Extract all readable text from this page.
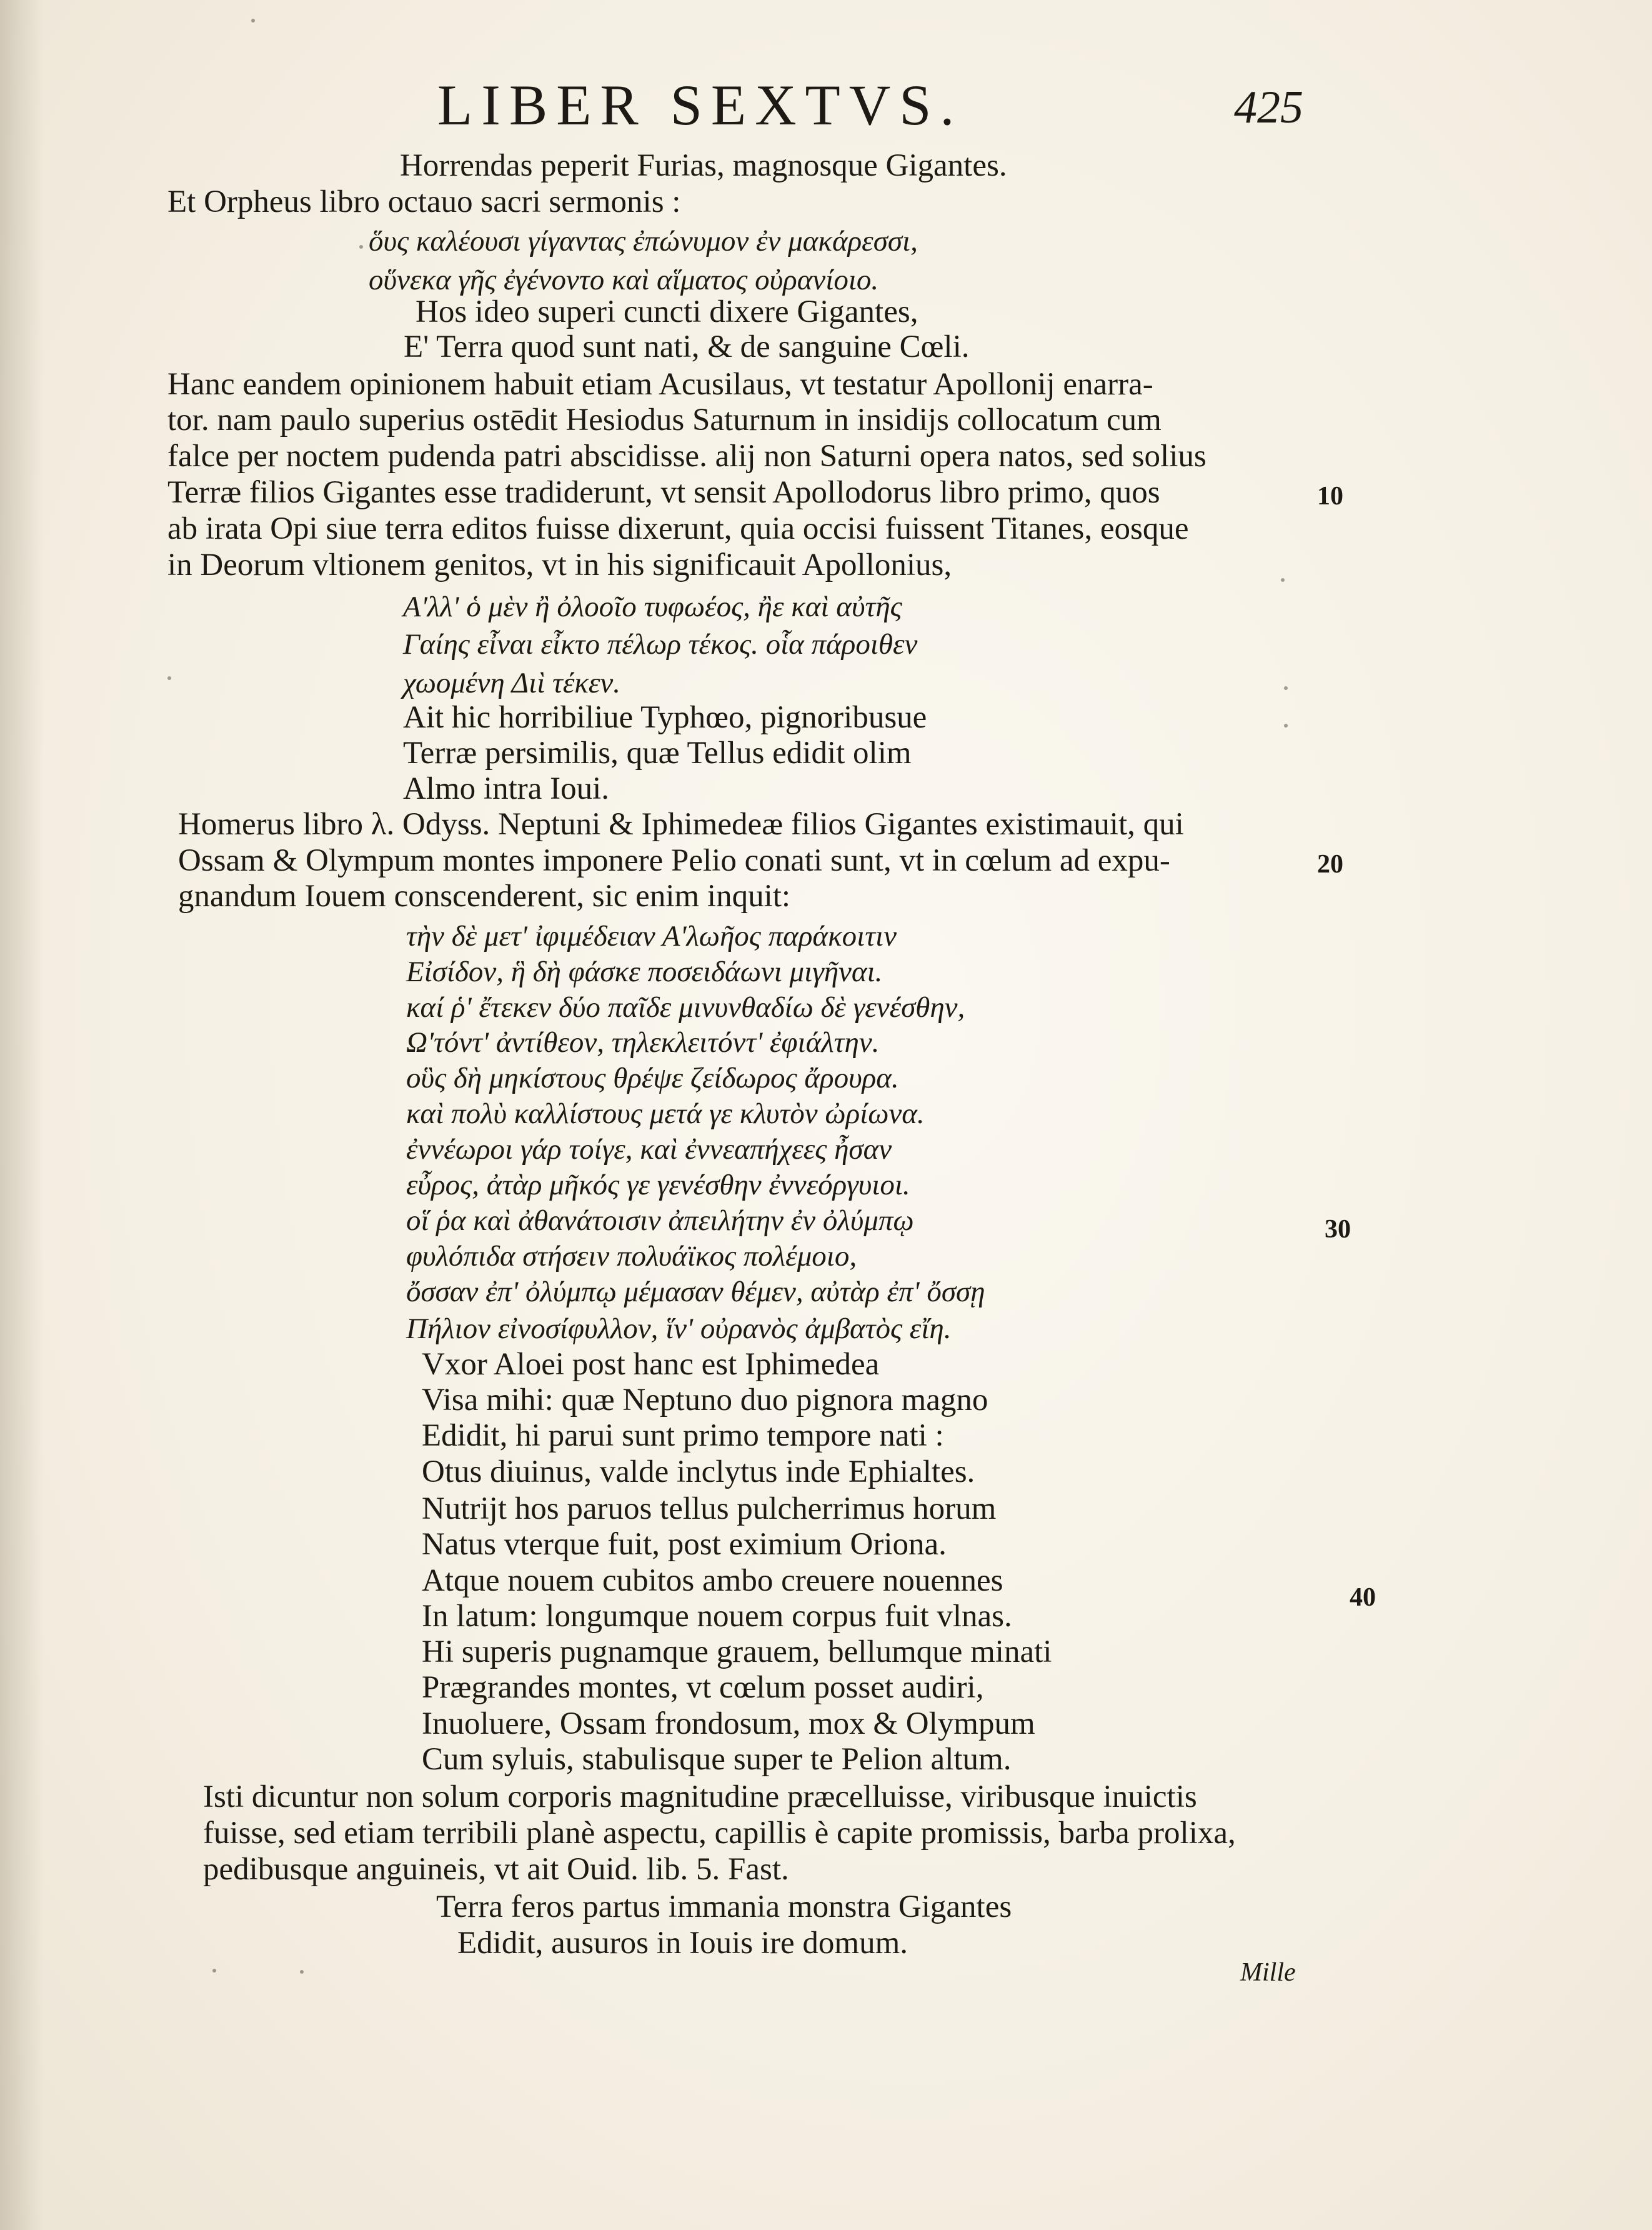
LIBER SEXTVS.	425
Horrendas peperit Furias, magnosque Gigantes.
Et Orpheus libro octauo sacri sermonis :
ὅυς καλέουσι γίγαντας ἐπώνυμον ἐν μακάρεσσι,
οὕνεκα γῆς ἐγένοντο καὶ αἵματος οὐρανίοιο.
Hos ideo superi cuncti dixere Gigantes,
E' Terra quod sunt nati, & de sanguine Cœli.
Hanc eandem opinionem habuit etiam Acusilaus, vt testatur Apollonij enarra-
tor. nam paulo superius ostēdit Hesiodus Saturnum in insidijs collocatum cum
falce per noctem pudenda patri abscidisse. alij non Saturni opera natos, sed solius
Terræ filios Gigantes esse tradiderunt, vt sensit Apollodorus libro primo, quos
ab irata Opi siue terra editos fuisse dixerunt, quia occisi fuissent Titanes, eosque
in Deorum vltionem genitos, vt in his significauit Apollonius,
Α'λλ' ὁ μὲν ἢ ὀλοοῖο τυφωέος, ἢε καὶ αὐτῆς
Γαίης εἶναι εἶκτο πέλωρ τέκος. οἷα πάροιθεν
χωομένη Διὶ τέκεν.
Ait hic horribiliue Typhœo, pignoribusue
Terræ persimilis, quæ Tellus edidit olim
Almo intra Ioui.
Homerus libro λ. Odyss. Neptuni & Iphimedeæ filios Gigantes existimauit, qui
Ossam & Olympum montes imponere Pelio conati sunt, vt in cœlum ad expu-
gnandum Iouem conscenderent, sic enim inquit:
τὴν δὲ μετ' ἰφιμέδειαν Α'λωῆος παράκοιτιν
Εἰσίδον, ἣ δὴ φάσκε ποσειδάωνι μιγῆναι.
καί ῥ' ἔτεκεν δύο παῖδε μινυνθαδίω δὲ γενέσθην,
Ω'τόντ' ἀντίθεον, τηλεκλειτόντ' ἐφιάλτην.
οὓς δὴ μηκίστους θρέψε ζείδωρος ἄρουρα.
καὶ πολὺ καλλίστους μετά γε κλυτὸν ὠρίωνα.
ἐννέωροι γάρ τοίγε, καὶ ἐννεαπήχεες ἦσαν
εὖρος, ἀτὰρ μῆκός γε γενέσθην ἐννεόργυιοι.
οἵ ῥα καὶ ἀθανάτοισιν ἀπειλήτην ἐν ὀλύμπῳ
φυλόπιδα στήσειν πολυάϊκος πολέμοιο,
ὄσσαν ἐπ' ὀλύμπῳ μέμασαν θέμεν, αὐτὰρ ἐπ' ὄσσῃ
Πήλιον εἰνοσίφυλλον, ἵν' οὐρανὸς ἀμβατὸς εἴη.
Vxor Aloei post hanc est Iphimedea
Visa mihi: quæ Neptuno duo pignora magno
Edidit, hi parui sunt primo tempore nati :
Otus diuinus, valde inclytus inde Ephialtes.
Nutrijt hos paruos tellus pulcherrimus horum
Natus vterque fuit, post eximium Oriona.
Atque nouem cubitos ambo creuere nouennes
In latum: longumque nouem corpus fuit vlnas.
Hi superis pugnamque grauem, bellumque minati
Prægrandes montes, vt cœlum posset audiri,
Inuoluere, Ossam frondosum, mox & Olympum
Cum syluis, stabulisque super te Pelion altum.
Isti dicuntur non solum corporis magnitudine præcelluisse, viribusque inuictis
fuisse, sed etiam terribili planè aspectu, capillis è capite promissis, barba prolixa,
pedibusque anguineis, vt ait Ouid. lib. 5. Fast.
Terra feros partus immania monstra Gigantes
Edidit, ausuros in Iouis ire domum.
10
20
30
40
Mille
